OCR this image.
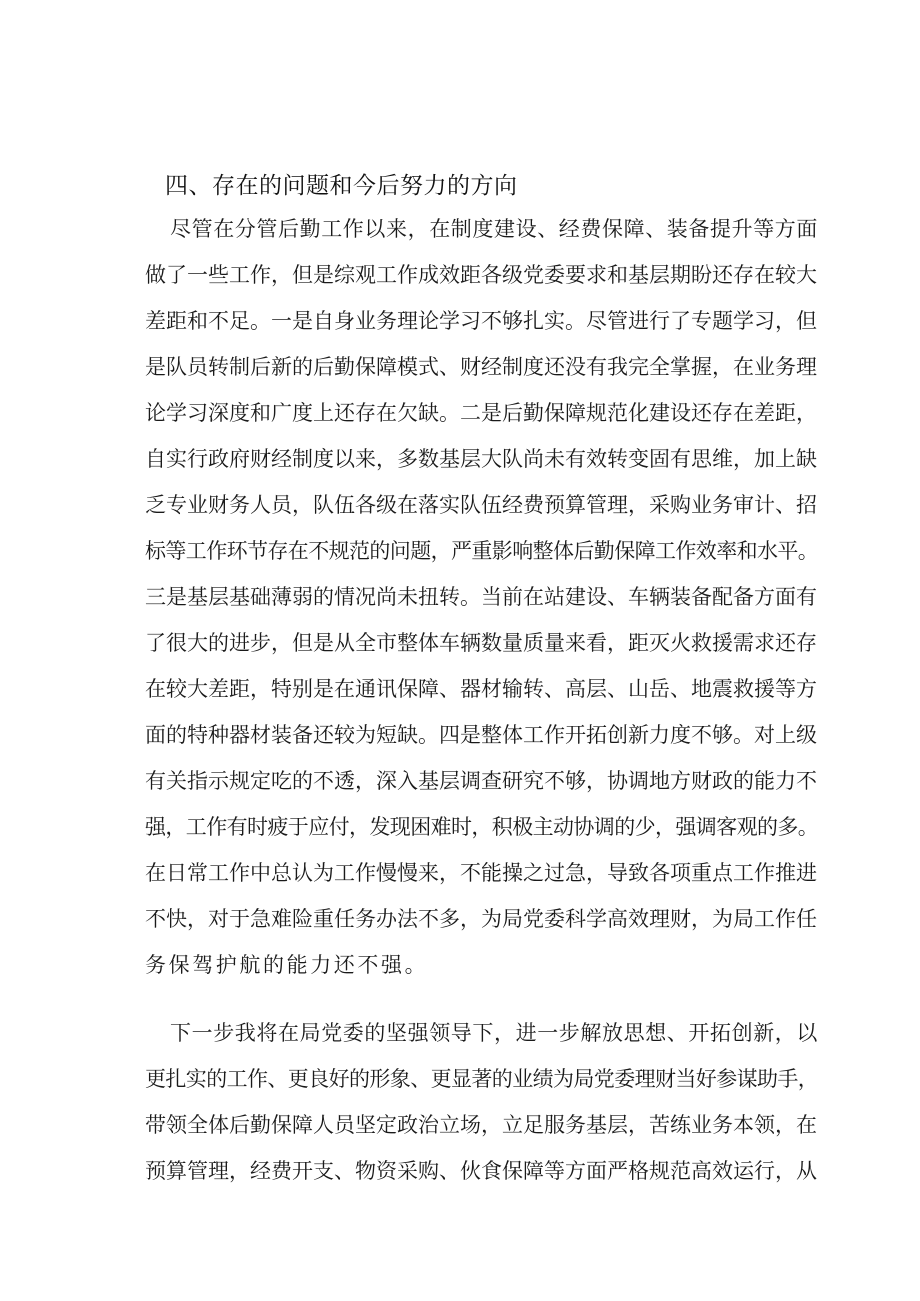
四、存在的问题和今后努力的方向

尽管在分管后勤工作以来，在制度建设、经费保障、装备提升等方面

做了一些工作，但是综观工作成效距各级党委要求和基层期盼还存在较大

差距和不足。一是自身业务理论学习不够扎实。尽管进行了专题学习，但

是队员转制后新的后勤保障模式、财经制度还没有我完全掌握，在业务理

论学习深度和广度上还存在欠缺。二是后勤保障规范化建设还存在差距，

自实行政府财经制度以来，多数基层大队尚未有效转变固有思维，加上缺

乏专业财务人员，队伍各级在落实队伍经费预算管理，采购业务审计、招

标等工作环节存在不规范的问题，严重影响整体后勤保障工作效率和水平。

三是基层基础薄弱的情况尚未扭转。当前在站建设、车辆装备配备方面有

了很大的进步，但是从全市整体车辆数量质量来看，距灭火救援需求还存

在较大差距，特别是在通讯保障、器材输转、高层、山岳、地震救援等方

面的特种器材装备还较为短缺。四是整体工作开拓创新力度不够。对上级

有关指示规定吃的不透，深入基层调查研究不够，协调地方财政的能力不

强，工作有时疲于应付，发现困难时，积极主动协调的少，强调客观的多。

在日常工作中总认为工作慢慢来，不能操之过急，导致各项重点工作推进

不快，对于急难险重任务办法不多，为局党委科学高效理财，为局工作任

务保驾护航的能力还不强。

下一步我将在局党委的坚强领导下，进一步解放思想、开拓创新，以

更扎实的工作、更良好的形象、更显著的业绩为局党委理财当好参谋助手，

带领全体后勤保障人员坚定政治立场，立足服务基层，苦练业务本领，在

预算管理，经费开支、物资采购、伙食保障等方面严格规范高效运行，从
